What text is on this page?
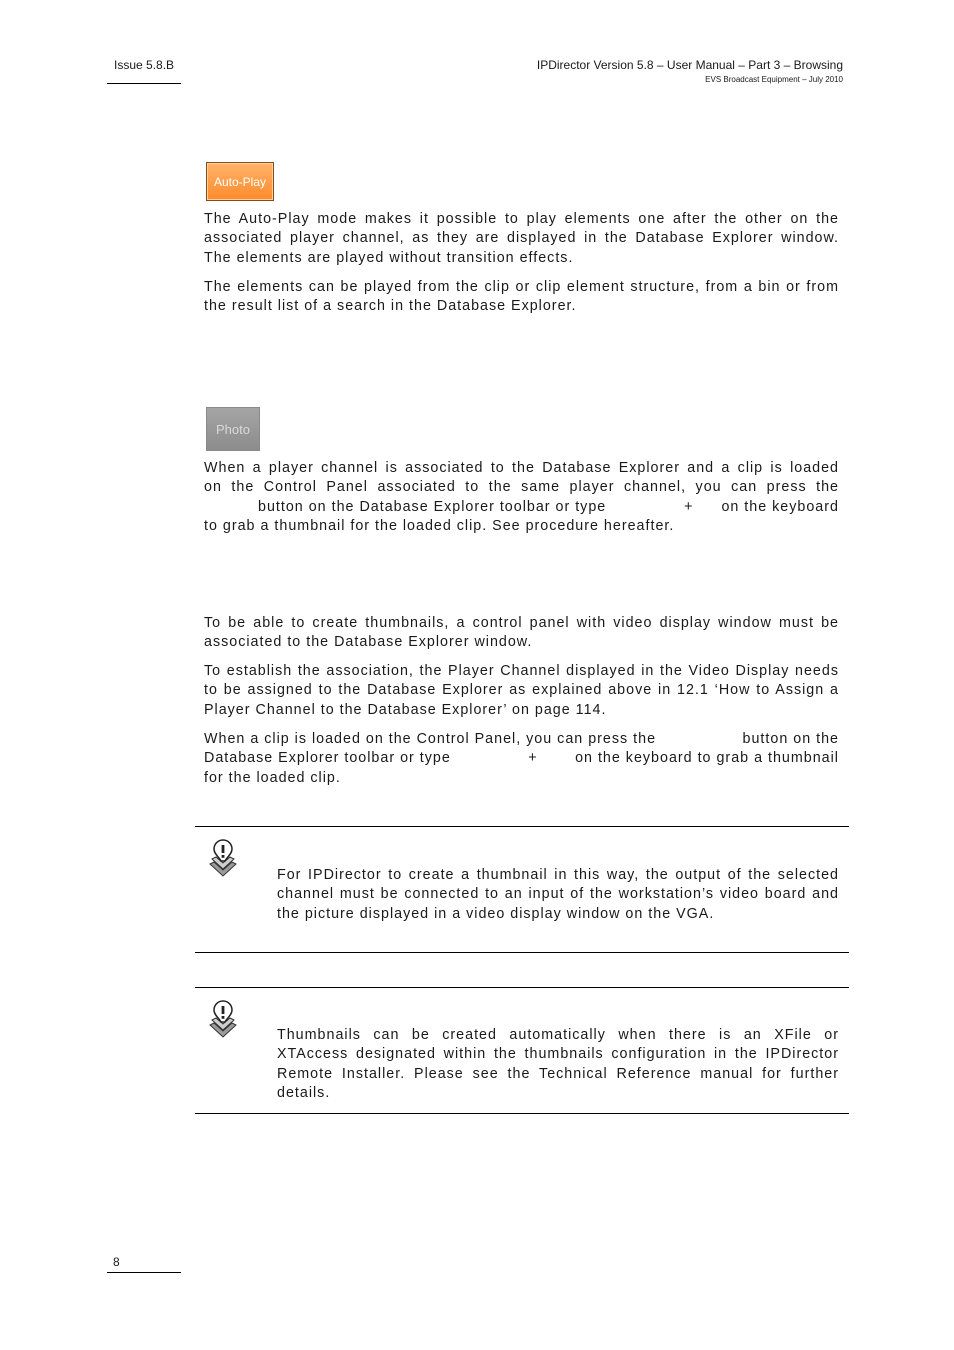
Issue 5.8.B	IPDirector Version 5.8 – User Manual – Part 3 – Browsing
EVS Broadcast Equipment – July 2010
Auto-Play

The Auto-Play mode makes it possible to play elements one after the other on the associated player channel, as they are displayed in the Database Explorer window. The elements are played without transition effects.

The elements can be played from the clip or clip element structure, from a bin or from the result list of a search in the Database Explorer.

Photo

When a player channel is associated to the Database Explorer and a clip is loaded
on the Control Panel associated to the same player channel, you can press the
button on the Database Explorer toolbar or type	+ on the keyboard
to grab a thumbnail for the loaded clip. See procedure hereafter.

To be able to create thumbnails, a control panel with video display window must be associated to the Database Explorer window.

To establish the association, the Player Channel displayed in the Video Display needs to be assigned to the Database Explorer as explained above in 12.1 ‘How to Assign a Player Channel to the Database Explorer’ on page 114.

When a clip is loaded on the Control Panel, you can press the	button on the
Database Explorer toolbar or type	+	on the keyboard to grab a thumbnail
for the loaded clip.

For IPDirector to create a thumbnail in this way, the output of the selected channel must be connected to an input of the workstation’s video board and the picture displayed in a video display window on the VGA.

Thumbnails can be created automatically when there is an XFile or XTAccess designated within the thumbnails configuration in the IPDirector Remote Installer. Please see the Technical Reference manual for further details.

8
